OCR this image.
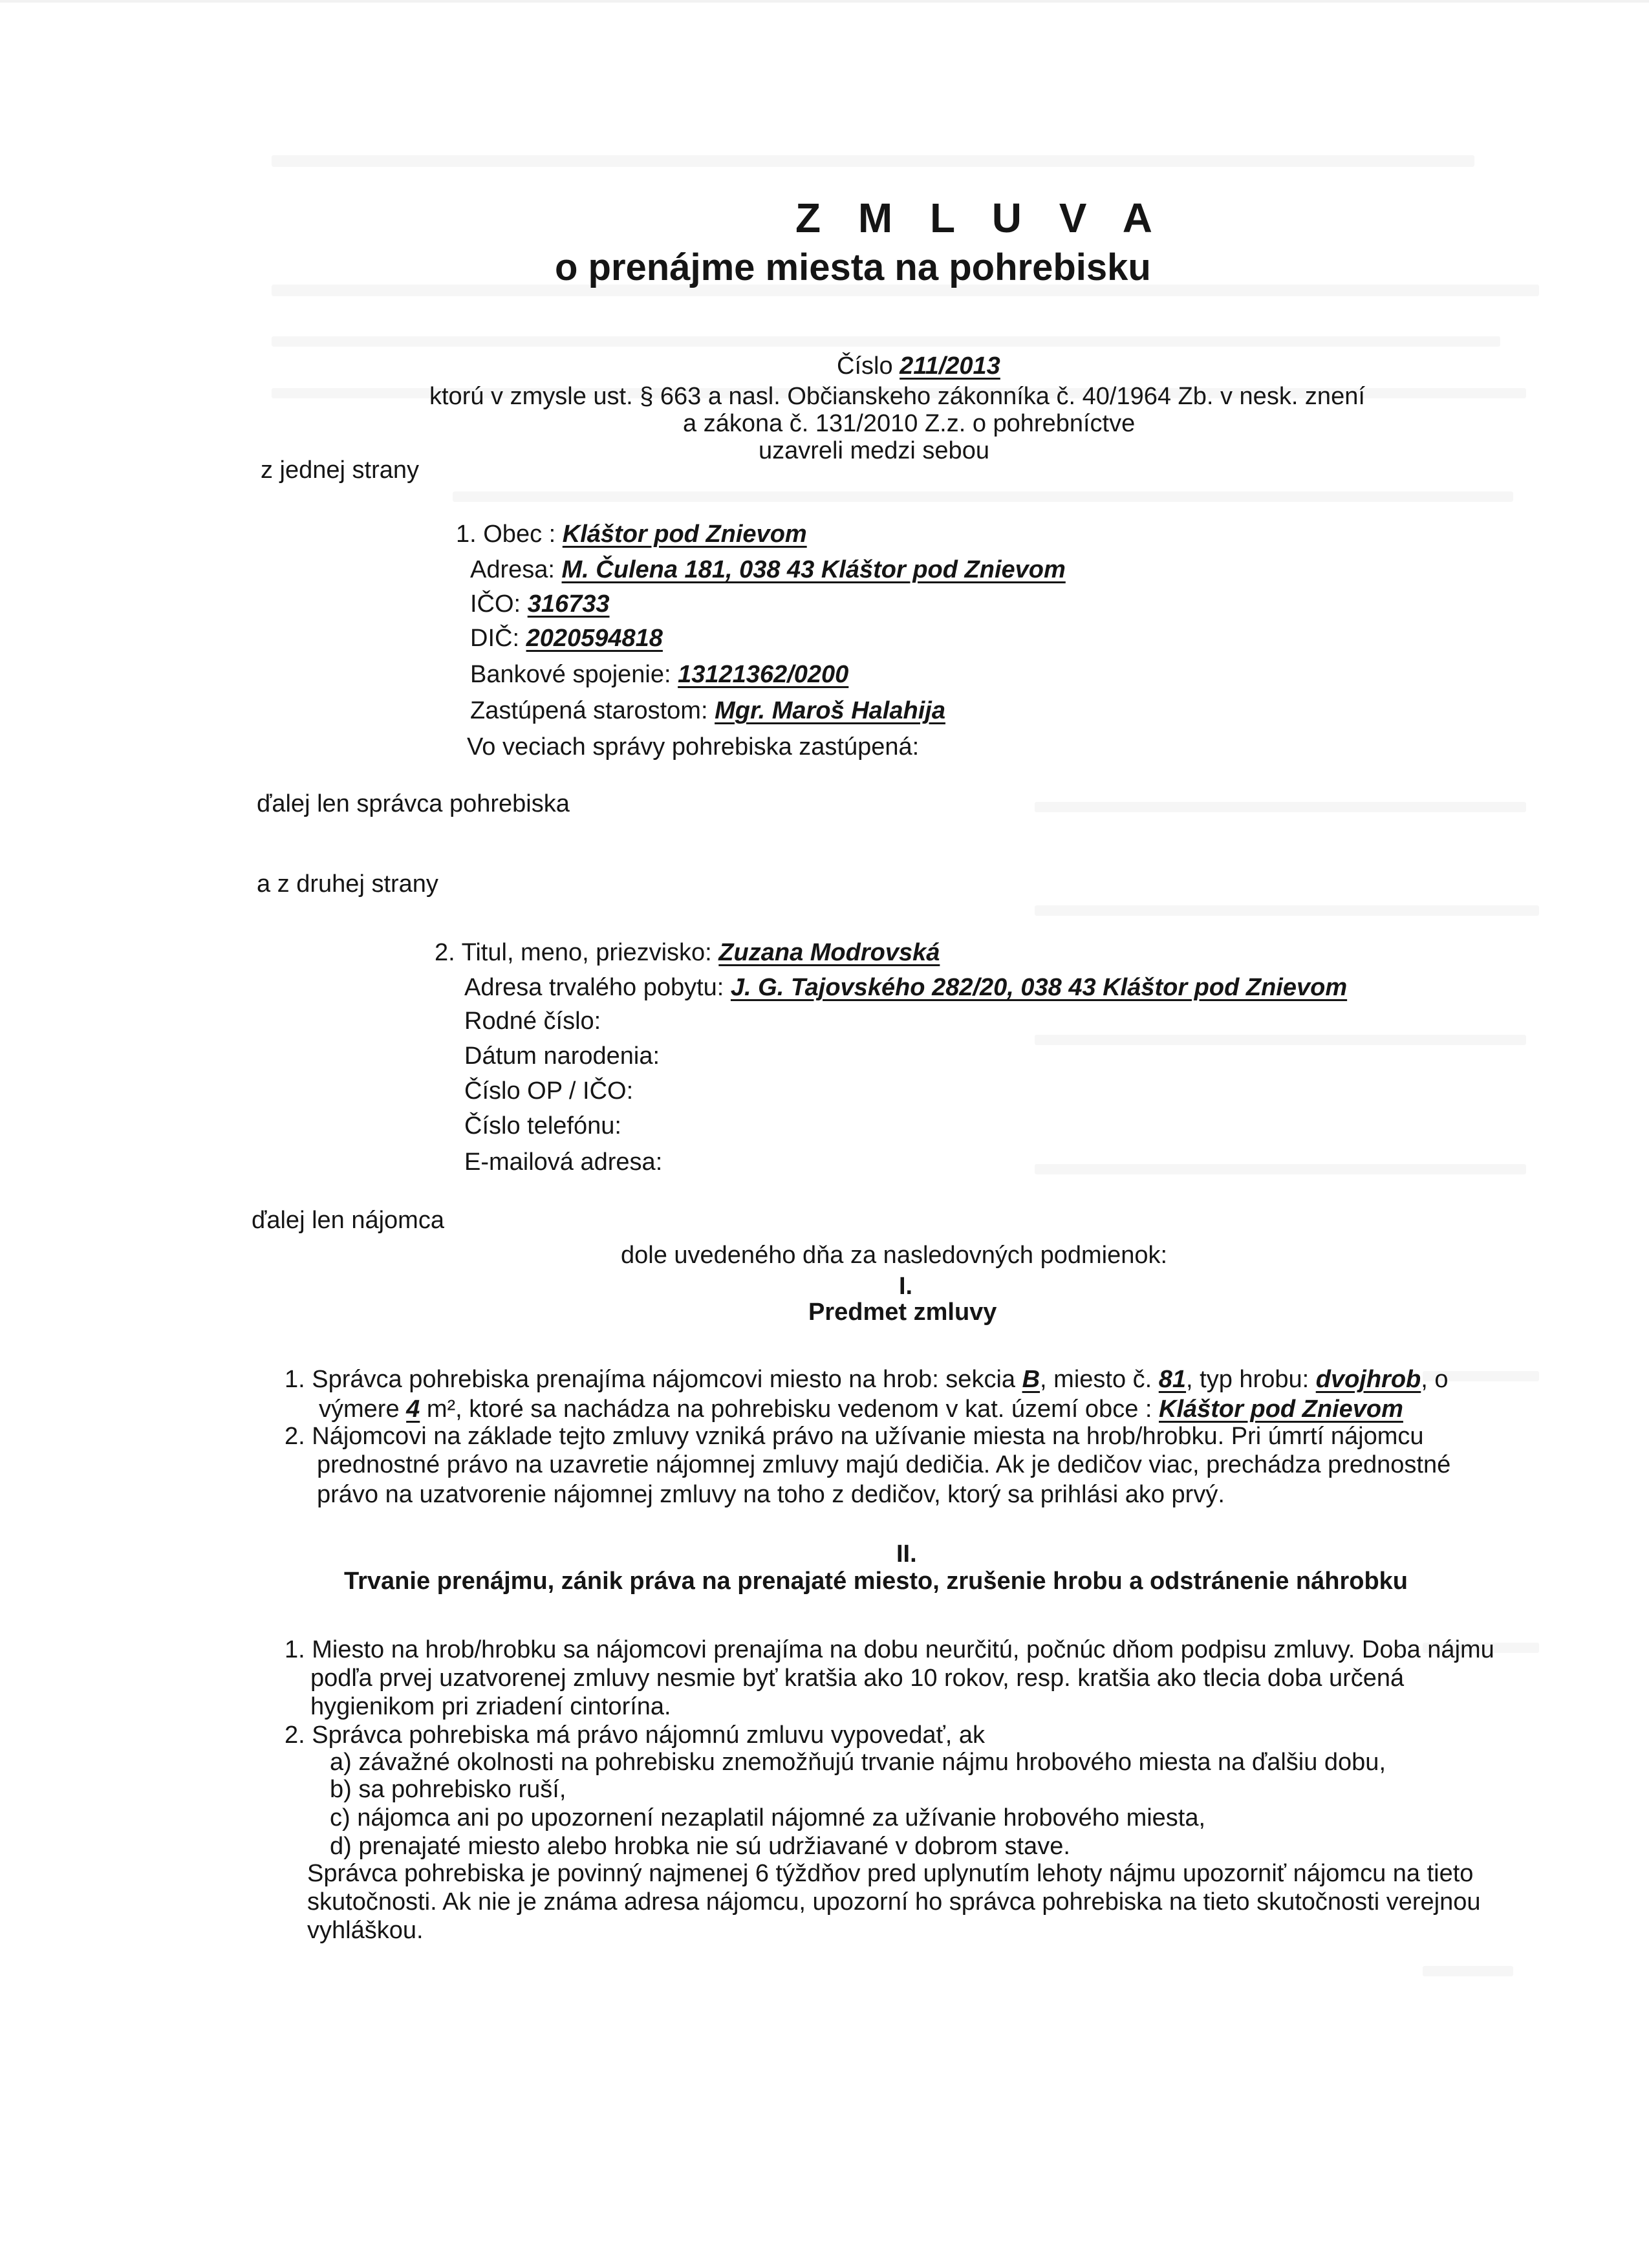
Z M L U V A
o prenájme miesta na pohrebisku
Číslo 211/2013
ktorú v zmysle ust. § 663 a nasl. Občianskeho zákonníka č. 40/1964 Zb. v nesk. znení
a zákona č. 131/2010 Z.z. o pohrebníctve
uzavreli medzi sebou
z jednej strany
1. Obec : Kláštor pod Znievom
Adresa: M. Čulena 181, 038 43 Kláštor pod Znievom
IČO: 316733
DIČ: 2020594818
Bankové spojenie: 13121362/0200
Zastúpená starostom: Mgr. Maroš Halahija
Vo veciach správy pohrebiska zastúpená:
ďalej len správca pohrebiska
a z druhej strany
2. Titul, meno, priezvisko: Zuzana Modrovská
Adresa trvalého pobytu: J. G. Tajovského 282/20, 038 43 Kláštor pod Znievom
Rodné číslo:
Dátum narodenia:
Číslo OP / IČO:
Číslo telefónu:
E-mailová adresa:
ďalej len nájomca
dole uvedeného dňa za nasledovných podmienok:
I.
Predmet zmluvy
1. Správca pohrebiska prenajíma nájomcovi miesto na hrob: sekcia B, miesto č. 81, typ hrobu: dvojhrob, o
výmere 4 m², ktoré sa nachádza na pohrebisku vedenom v kat. území obce : Kláštor pod Znievom
2. Nájomcovi na základe tejto zmluvy vzniká právo na užívanie miesta na hrob/hrobku. Pri úmrtí nájomcu
prednostné právo na uzavretie nájomnej zmluvy majú dedičia. Ak je dedičov viac, prechádza prednostné
právo na uzatvorenie nájomnej zmluvy na toho z dedičov, ktorý sa prihlási ako prvý.
II.
Trvanie prenájmu, zánik práva na prenajaté miesto, zrušenie hrobu a odstránenie náhrobku
1. Miesto na hrob/hrobku sa nájomcovi prenajíma na dobu neurčitú, počnúc dňom podpisu zmluvy. Doba nájmu
podľa prvej uzatvorenej zmluvy nesmie byť kratšia ako 10 rokov, resp. kratšia ako tlecia doba určená
hygienikom pri zriadení cintorína.
2. Správca pohrebiska má právo nájomnú zmluvu vypovedať, ak
a) závažné okolnosti na pohrebisku znemožňujú trvanie nájmu hrobového miesta na ďalšiu dobu,
b) sa pohrebisko ruší,
c) nájomca ani po upozornení nezaplatil nájomné za užívanie hrobového miesta,
d) prenajaté miesto alebo hrobka nie sú udržiavané v dobrom stave.
Správca pohrebiska je povinný najmenej 6 týždňov pred uplynutím lehoty nájmu upozorniť nájomcu na tieto
skutočnosti. Ak nie je známa adresa nájomcu, upozorní ho správca pohrebiska na tieto skutočnosti verejnou
vyhláškou.
